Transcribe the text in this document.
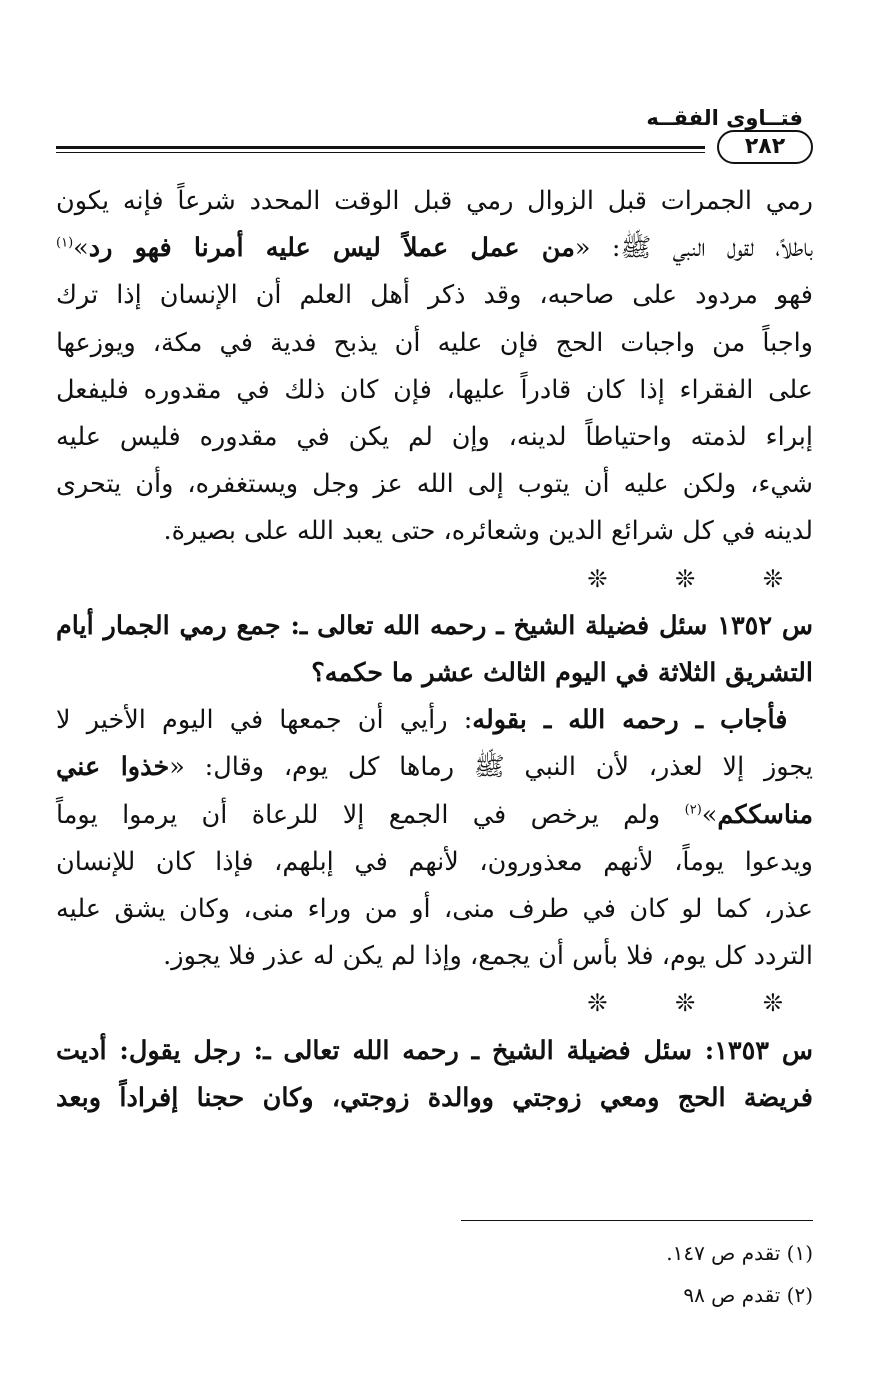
فتــاوى الفقــه
٢٨٢
رمي الجمرات قبل الزوال رمي قبل الوقت المحدد شرعاً فإنه يكون
باطلاً، لقول النبي ﷺ: «من عمل عملاً ليس عليه أمرنا فهو رد»$^{(١)}$
فهو مردود على صاحبه، وقد ذكر أهل العلم أن الإنسان إذا ترك
واجباً من واجبات الحج فإن عليه أن يذبح فدية في مكة، ويوزعها
على الفقراء إذا كان قادراً عليها، فإن كان ذلك في مقدوره فليفعل
إبراء لذمته واحتياطاً لدينه، وإن لم يكن في مقدوره فليس عليه
شيء، ولكن عليه أن يتوب إلى الله عز وجل ويستغفره، وأن يتحرى
لدينه في كل شرائع الدين وشعائره، حتى يعبد الله على بصيرة.
❊ ❊ ❊
س ١٣٥٢ سئل فضيلة الشيخ ـ رحمه الله تعالى ـ: جمع رمي الجمار أيام
التشريق الثلاثة في اليوم الثالث عشر ما حكمه؟
 فأجاب ـ رحمه الله ـ بقوله: رأيي أن جمعها في اليوم الأخير لا
يجوز إلا لعذر، لأن النبي ﷺ رماها كل يوم، وقال: «خذوا عني
مناسككم»$^{(٢)}$ ولم يرخص في الجمع إلا للرعاة أن يرموا يوماً
ويدعوا يوماً، لأنهم معذورون، لأنهم في إبلهم، فإذا كان للإنسان
عذر، كما لو كان في طرف منى، أو من وراء منى، وكان يشق عليه
التردد كل يوم، فلا بأس أن يجمع، وإذا لم يكن له عذر فلا يجوز.
❊ ❊ ❊
س ١٣٥٣: سئل فضيلة الشيخ ـ رحمه الله تعالى ـ: رجل يقول: أديت
فريضة الحج ومعي زوجتي ووالدة زوجتي، وكان حجنا إفراداً وبعد
(١) تقدم ص ١٤٧.
(٢) تقدم ص ٩٨
